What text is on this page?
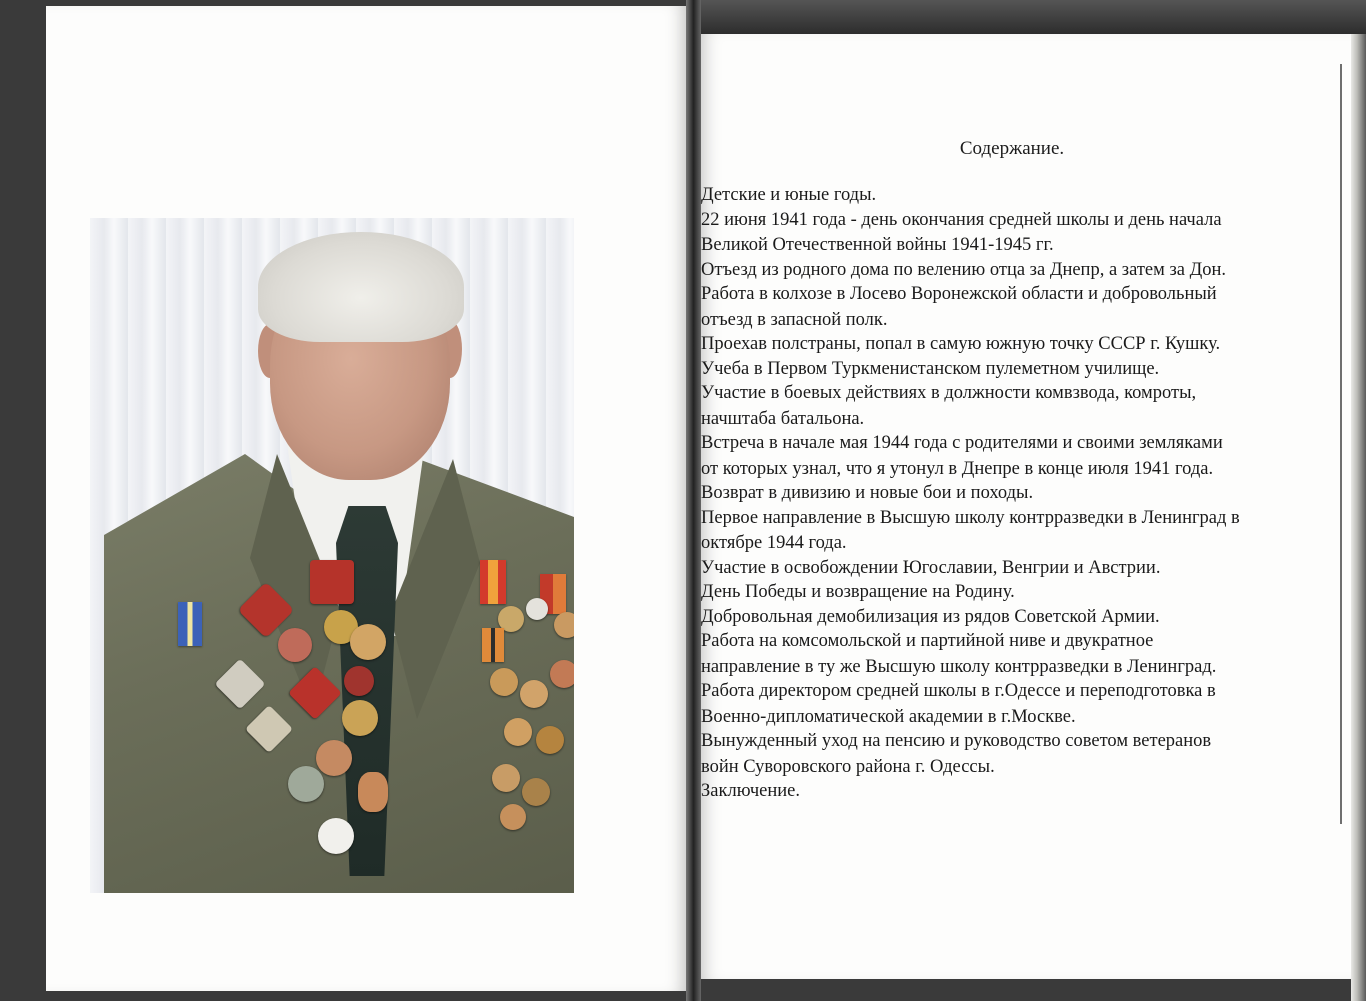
Содержание.
Детские и юные годы.
22 июня 1941 года - день окончания средней школы и день начала
Великой Отечественной войны 1941-1945 гг.
Отъезд из родного дома по велению отца за Днепр, а затем за Дон.
Работа в колхозе в Лосево Воронежской области и добровольный
отъезд в запасной полк.
Проехав полстраны, попал в самую южную точку СССР г. Кушку.
Учеба в Первом Туркменистанском пулеметном училище.
Участие в боевых действиях в должности комвзвода, комроты,
начштаба батальона.
Встреча в начале мая 1944 года с родителями и своими земляками
от которых узнал, что я утонул в Днепре в конце июля 1941 года.
Возврат в дивизию и новые бои и походы.
Первое направление в Высшую школу контрразведки в Ленинград в
октябре 1944 года.
Участие в освобождении Югославии, Венгрии и Австрии.
День Победы и возвращение на Родину.
Добровольная демобилизация из рядов Советской Армии.
Работа на комсомольской и партийной ниве и двукратное
направление в ту же Высшую школу контрразведки в Ленинград.
Работа директором средней школы в г.Одессе и переподготовка в
Военно-дипломатической академии в г.Москве.
Вынужденный уход на пенсию и руководство советом ветеранов
войн Суворовского района г. Одессы.
Заключение.
